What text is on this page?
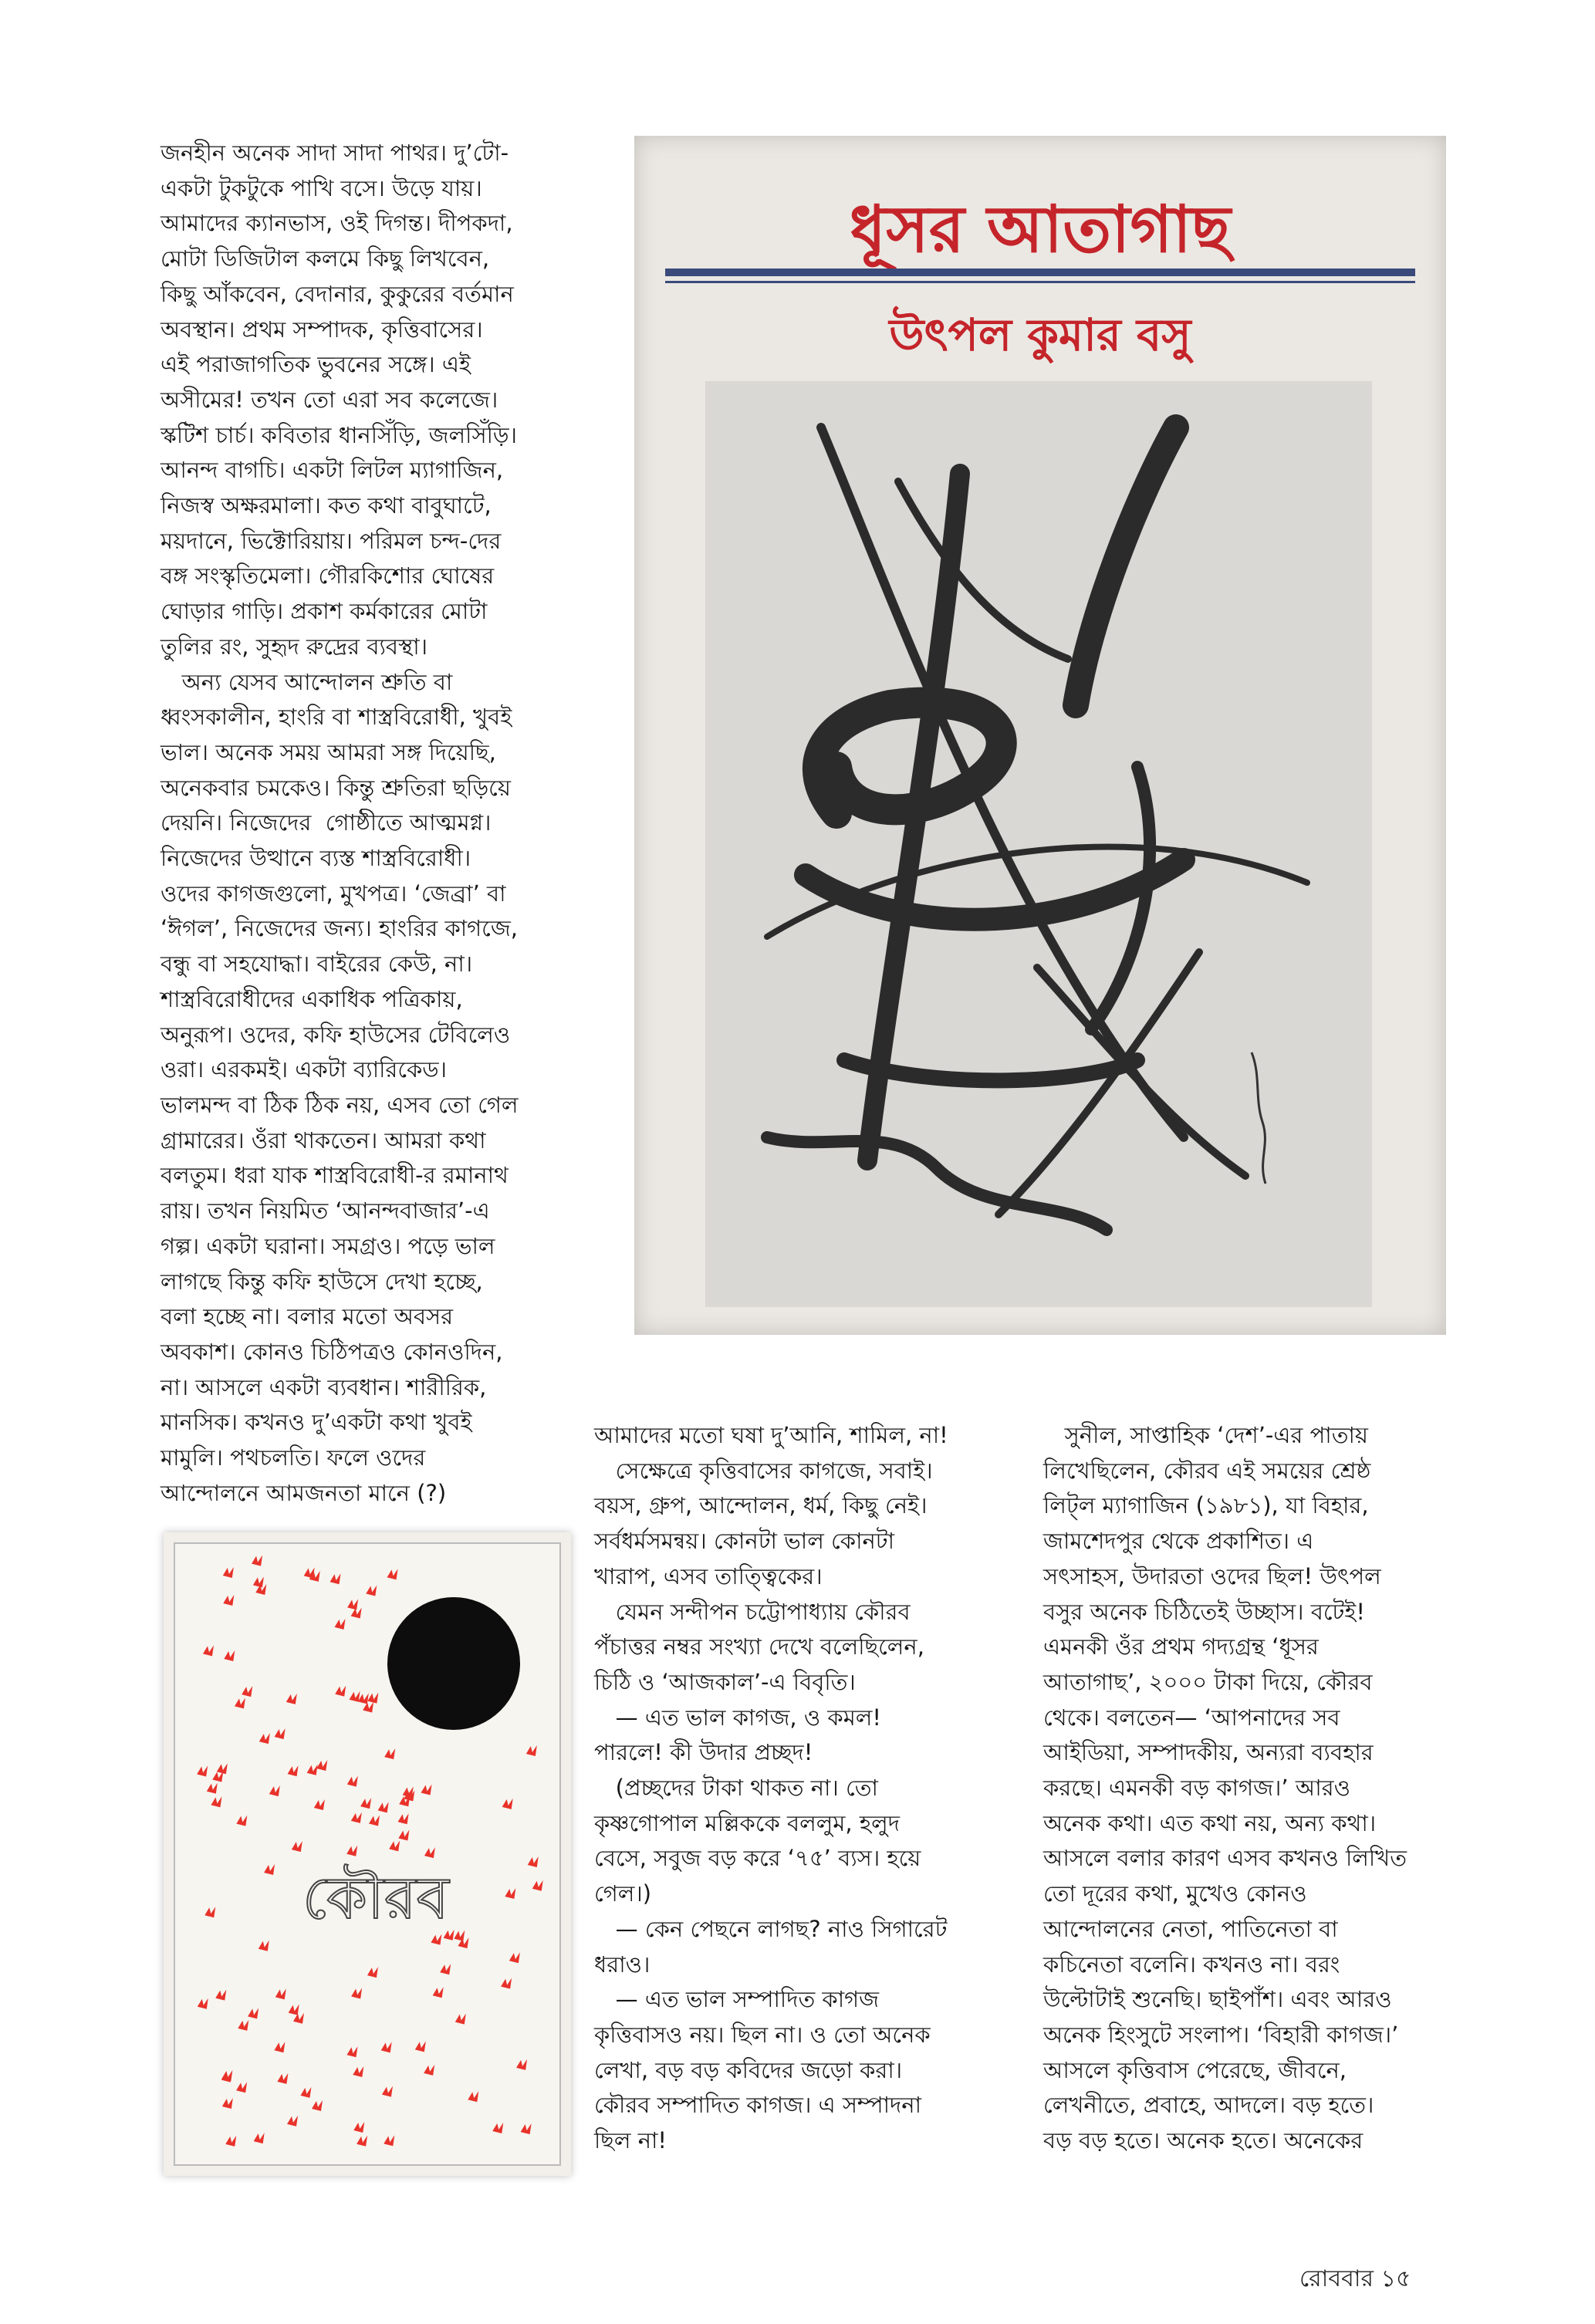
জনহীন অনেক সাদা সাদা পাথর। দু’টো-

একটা টুকটুকে পাখি বসে। উড়ে যায়।

আমাদের ক্যানভাস, ওই দিগন্ত। দীপকদা,

মোটা ডিজিটাল কলমে কিছু লিখবেন,

কিছু আঁকবেন, বেদানার, কুকুরের বর্তমান

অবস্থান। প্রথম সম্পাদক, কৃত্তিবাসের।

এই পরাজাগতিক ভুবনের সঙ্গে। এই

অসীমের! তখন তো এরা সব কলেজে।

স্কটিশ চার্চ। কবিতার ধানসিঁড়ি, জলসিঁড়ি।

আনন্দ বাগচি। একটা লিটল ম্যাগাজিন,

নিজস্ব অক্ষরমালা। কত কথা বাবুঘাটে,

ময়দানে, ভিক্টোরিয়ায়। পরিমল চন্দ-দের

বঙ্গ সংস্কৃতিমেলা। গৌরকিশোর ঘোষের

ঘোড়ার গাড়ি। প্রকাশ কর্মকারের মোটা

তুলির রং, সুহৃদ রুদ্রের ব্যবস্থা।

অন্য যেসব আন্দোলন শ্রুতি বা

ধ্বংসকালীন, হাংরি বা শাস্ত্রবিরোধী, খুবই

ভাল। অনেক সময় আমরা সঙ্গ দিয়েছি,

অনেকবার চমকেও। কিন্তু শ্রুতিরা ছড়িয়ে

দেয়নি। নিজেদের  গোষ্ঠীতে আত্মমগ্ন।

নিজেদের উত্থানে ব্যস্ত শাস্ত্রবিরোধী।

ওদের কাগজগুলো, মুখপত্র। ‘জেব্রা’ বা

‘ঈগল’, নিজেদের জন্য। হাংরির কাগজে,

বন্ধু বা সহযোদ্ধা। বাইরের কেউ, না।

শাস্ত্রবিরোধীদের একাধিক পত্রিকায়,

অনুরূপ। ওদের, কফি হাউসের টেবিলেও

ওরা। এরকমই। একটা ব্যারিকেড।

ভালমন্দ বা ঠিক ঠিক নয়, এসব তো গেল

গ্রামারের। ওঁরা থাকতেন। আমরা কথা

বলতুম। ধরা যাক শাস্ত্রবিরোধী-র রমানাথ

রায়। তখন নিয়মিত ‘আনন্দবাজার’-এ

গল্প। একটা ঘরানা। সমগ্রও। পড়ে ভাল

লাগছে কিন্তু কফি হাউসে দেখা হচ্ছে,

বলা হচ্ছে না। বলার মতো অবসর

অবকাশ। কোনও চিঠিপত্রও কোনওদিন,

না। আসলে একটা ব্যবধান। শারীরিক,

মানসিক। কখনও দু’একটা কথা খুবই

মামুলি। পথচলতি। ফলে ওদের

আন্দোলনে আমজনতা মানে (?)

আমাদের মতো ঘষা দু’আনি, শামিল, না!

সেক্ষেত্রে কৃত্তিবাসের কাগজে, সবাই।

বয়স, গ্রুপ, আন্দোলন, ধর্ম, কিছু নেই।

সর্বধর্মসমন্বয়। কোনটা ভাল কোনটা

খারাপ, এসব তাত্ত্বিকের।

যেমন সন্দীপন চট্টোপাধ্যায় কৌরব

পঁচাত্তর নম্বর সংখ্যা দেখে বলেছিলেন,

চিঠি ও ‘আজকাল’-এ বিবৃতি।

— এত ভাল কাগজ, ও কমল!

পারলে! কী উদার প্রচ্ছদ!

(প্রচ্ছদের টাকা থাকত না। তো

কৃষ্ণগোপাল মল্লিককে বললুম, হলুদ

বেসে, সবুজ বড় করে ‘৭৫’ ব্যস। হয়ে

গেল।)

— কেন পেছনে লাগছ? নাও সিগারেট

ধরাও।

— এত ভাল সম্পাদিত কাগজ

কৃত্তিবাসও নয়। ছিল না। ও তো অনেক

লেখা, বড় বড় কবিদের জড়ো করা।

কৌরব সম্পাদিত কাগজ। এ সম্পাদনা

ছিল না!

সুনীল, সাপ্তাহিক ‘দেশ’-এর পাতায়

লিখেছিলেন, কৌরব এই সময়ের শ্রেষ্ঠ

লিট্‌ল ম্যাগাজিন (১৯৮১), যা বিহার,

জামশেদপুর থেকে প্রকাশিত। এ

সৎসাহস, উদারতা ওদের ছিল! উৎপল

বসুর অনেক চিঠিতেই উচ্ছাস। বটেই!

এমনকী ওঁর প্রথম গদ্যগ্রন্থ ‘ধূসর

আতাগাছ’, ২০০০ টাকা দিয়ে, কৌরব

থেকে। বলতেন— ‘আপনাদের সব

আইডিয়া, সম্পাদকীয়, অন্যরা ব্যবহার

করছে। এমনকী বড় কাগজ।’ আরও

অনেক কথা। এত কথা নয়, অন্য কথা।

আসলে বলার কারণ এসব কখনও লিখিত

তো দূরের কথা, মুখেও কোনও

আন্দোলনের নেতা, পাতিনেতা বা

কচিনেতা বলেনি। কখনও না। বরং

উল্টোটাই শুনেছি। ছাইপাঁশ। এবং আরও

অনেক হিংসুটে সংলাপ। ‘বিহারী কাগজ।’

আসলে কৃত্তিবাস পেরেছে, জীবনে,

লেখনীতে, প্রবাহে, আদলে। বড় হতে।

বড় বড় হতে। অনেক হতে। অনেকের

ধূসর আতাগাছ
উৎপল কুমার বসু
কৌরব
রোববার ১৫
